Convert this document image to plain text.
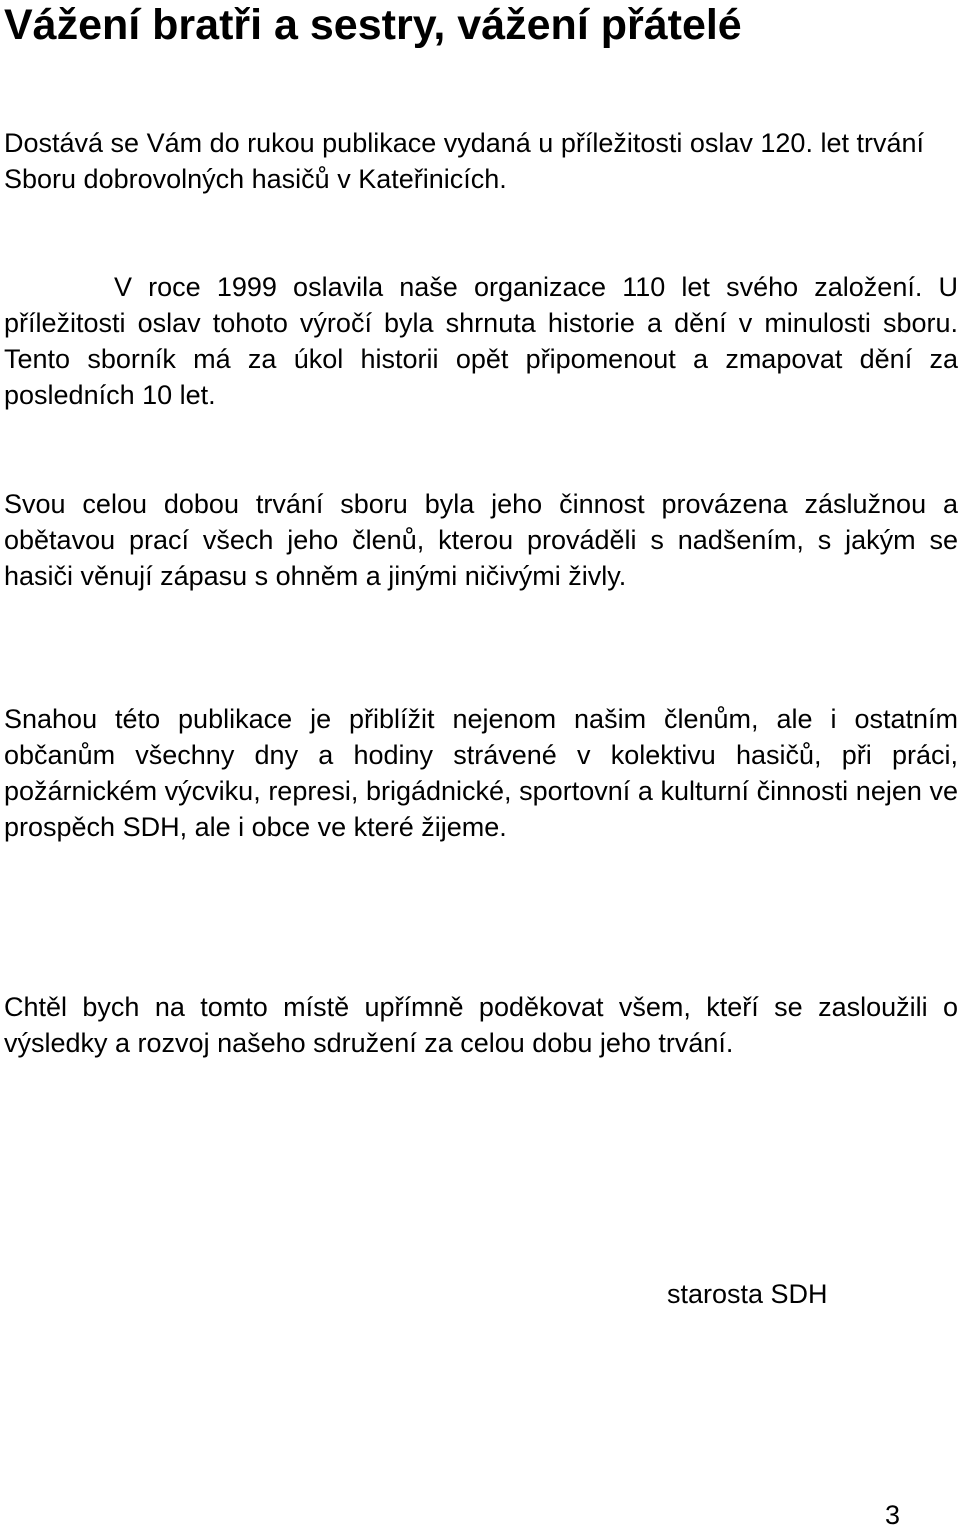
Vážení bratři a sestry, vážení přátelé

Dostává se Vám do rukou publikace vydaná u příležitosti oslav 120. let trvání Sboru dobrovolných hasičů v Kateřinicích.

V roce 1999 oslavila naše organizace 110 let svého založení. U příležitosti oslav tohoto výročí byla shrnuta historie a dění v minulosti sboru. Tento sborník má za úkol historii opět připomenout a zmapovat dění za posledních 10 let.

Svou celou dobou trvání sboru byla jeho činnost provázena záslužnou a obětavou prací všech jeho členů, kterou prováděli s nadšením, s jakým se hasiči věnují zápasu s ohněm a jinými ničivými živly.

Snahou této publikace je přiblížit nejenom našim členům, ale i ostatním občanům všechny dny a hodiny strávené v kolektivu hasičů, při práci, požárnickém výcviku, represi, brigádnické, sportovní a kulturní činnosti nejen ve prospěch SDH, ale i obce ve které žijeme.

Chtěl bych na tomto místě upřímně poděkovat všem, kteří se zasloužili o výsledky a rozvoj našeho sdružení za celou dobu jeho trvání.

starosta SDH
3
